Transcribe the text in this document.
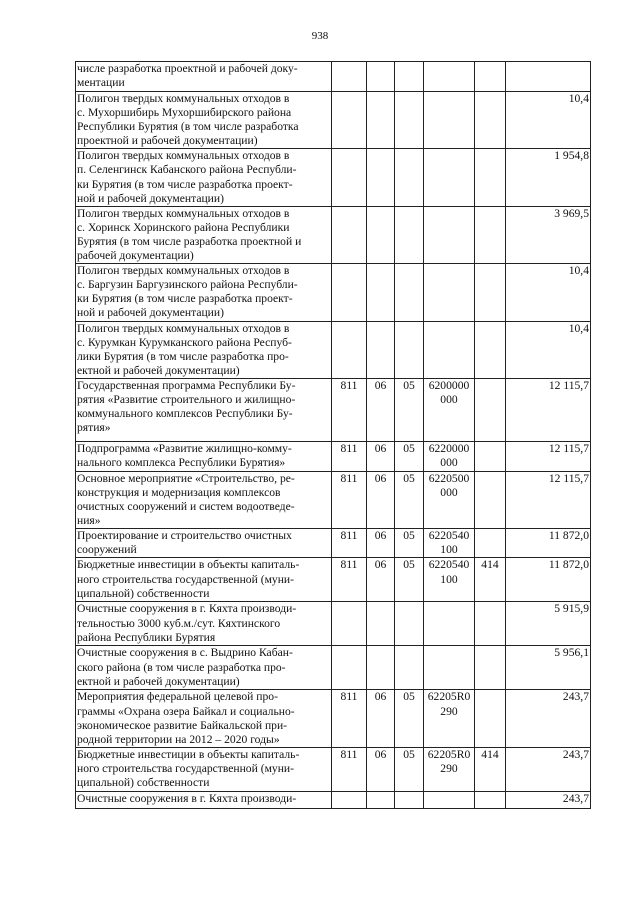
938
числе разработка проектной и рабочей доку-
ментации						
Полигон твердых коммунальных отходов в
с. Мухоршибирь Мухоршибирского района
Республики Бурятия (в том числе разработка
проектной и рабочей документации)						10,4
Полигон твердых коммунальных отходов в
п. Селенгинск Кабанского района Республи-
ки Бурятия (в том числе разработка проект-
ной и рабочей документации)						1 954,8
Полигон твердых коммунальных отходов в
с. Хоринск Хоринского района Республики
Бурятия (в том числе разработка проектной и
рабочей документации)						3 969,5
Полигон твердых коммунальных отходов в
с. Баргузин Баргузинского района Республи-
ки Бурятия (в том числе разработка проект-
ной и рабочей документации)						10,4
Полигон твердых коммунальных отходов в
с. Курумкан Курумканского района Респуб-
лики Бурятия (в том числе разработка про-
ектной и рабочей документации)						10,4
Государственная программа Республики Бу-
рятия «Развитие строительного и жилищно-
коммунального комплексов Республики Бу-
рятия»	811	06	05	6200000
000		12 115,7
Подпрограмма «Развитие жилищно-комму-
нального комплекса Республики Бурятия»	811	06	05	6220000
000		12 115,7
Основное мероприятие «Строительство, ре-
конструкция и модернизация комплексов
очистных сооружений и систем водоотведе-
ния»	811	06	05	6220500
000		12 115,7
Проектирование и строительство очистных
сооружений	811	06	05	6220540
100		11 872,0
Бюджетные инвестиции в объекты капиталь-
ного строительства государственной (муни-
ципальной) собственности	811	06	05	6220540
100	414	11 872,0
Очистные сооружения в г. Кяхта производи-
тельностью 3000 куб.м./сут. Кяхтинского
района Республики Бурятия						5 915,9
Очистные сооружения в с. Выдрино Кабан-
ского района (в том числе разработка про-
ектной и рабочей документации)						5 956,1
Мероприятия федеральной целевой про-
граммы «Охрана озера Байкал и социально-
экономическое развитие Байкальской при-
родной территории на 2012 – 2020 годы»	811	06	05	62205R0
290		243,7
Бюджетные инвестиции в объекты капиталь-
ного строительства государственной (муни-
ципальной) собственности	811	06	05	62205R0
290	414	243,7
Очистные сооружения в г. Кяхта производи-						243,7
